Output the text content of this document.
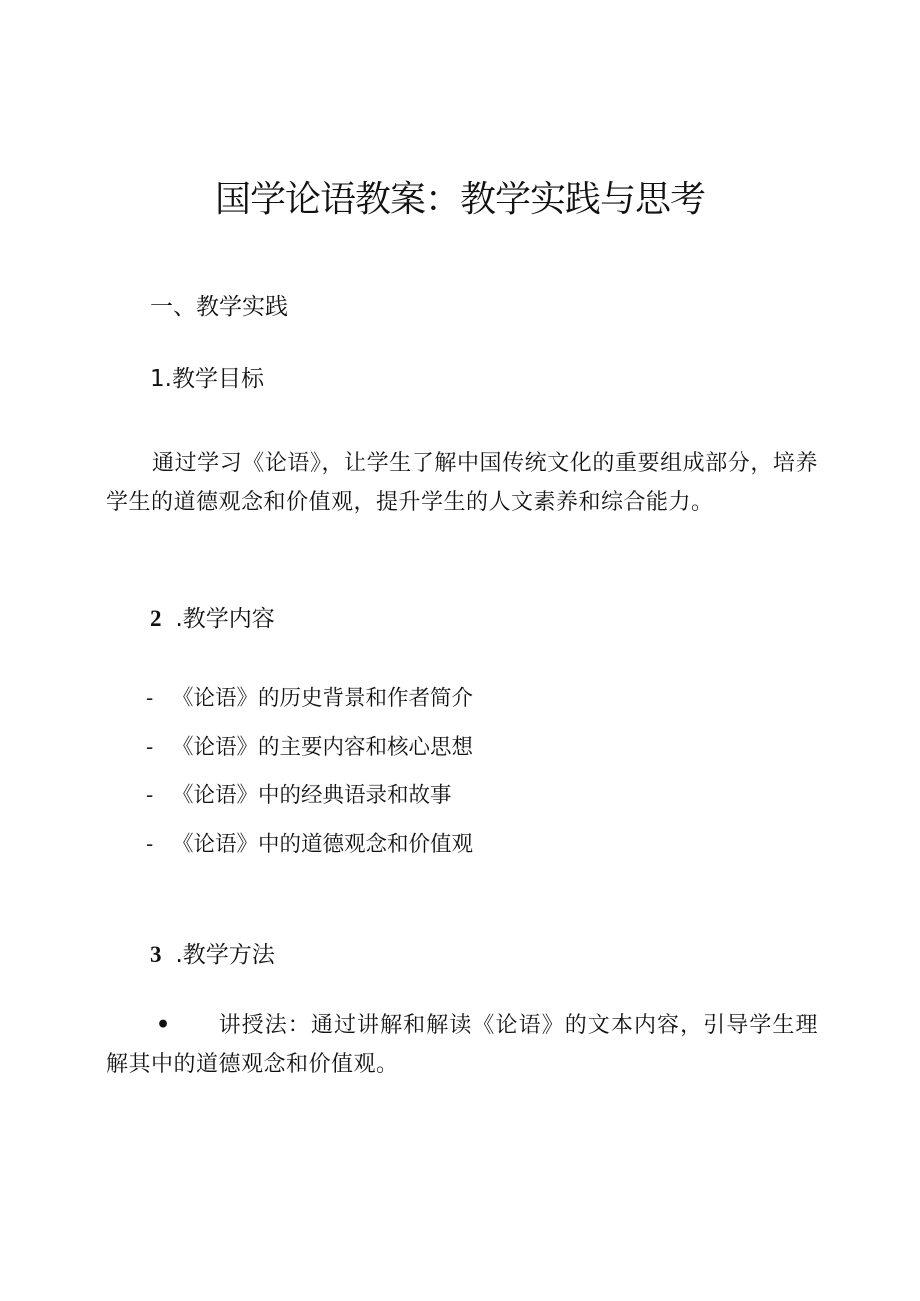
国学论语教案：教学实践与思考
一、教学实践
1.教学目标
通过学习《论语》，让学生了解中国传统文化的重要组成部分，培养学生的道德观念和价值观，提升学生的人文素养和综合能力。
2 .教学内容
- 《论语》的历史背景和作者简介
- 《论语》的主要内容和核心思想
- 《论语》中的经典语录和故事
- 《论语》中的道德观念和价值观
3 .教学方法
• 讲授法：通过讲解和解读《论语》的文本内容，引导学生理解其中的道德观念和价值观。
